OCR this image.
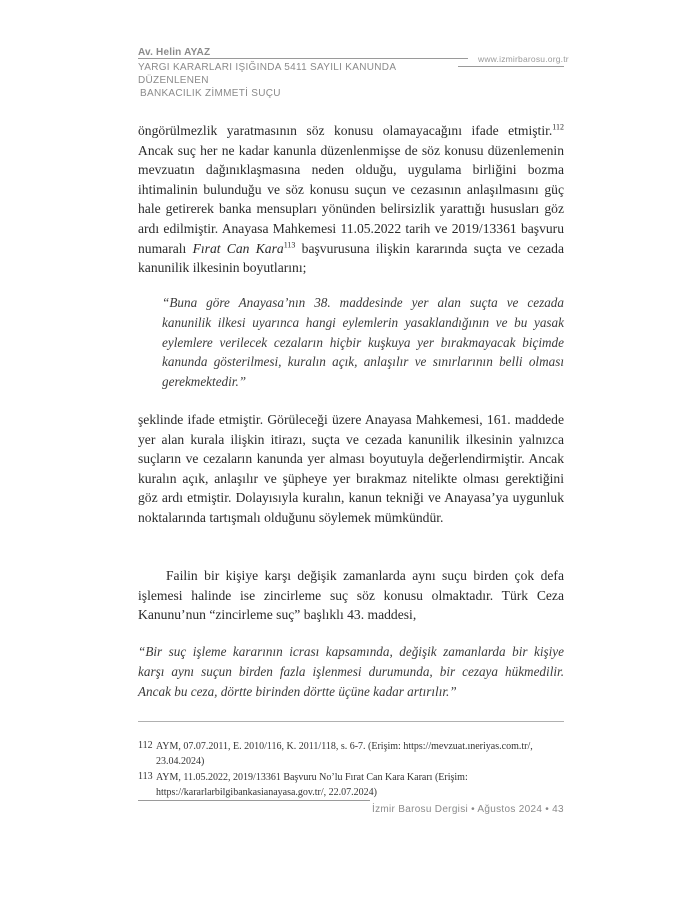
Av. Helin AYAZ
YARGI KARARLARI IŞIĞINDA 5411 SAYILI KANUNDA DÜZENLENEN
BANKACILIK ZİMMETİ SUÇU
www.izmirbarosu.org.tr

öngörülmezlik yaratmasının söz konusu olamayacağını ifade etmiştir.$^{112}$ Ancak suç her ne kadar kanunla düzenlenmişse de söz konusu düzenlemenin mevzuatın dağınıklaşmasına neden olduğu, uygulama birliğini bozma ihtimalinin bulunduğu ve söz konusu suçun ve cezasının anlaşılmasını güç hale getirerek banka mensupları yönünden belirsizlik yarattığı hususları göz ardı edilmiştir. Anayasa Mahkemesi 11.05.2022 tarih ve 2019/13361 başvuru numaralı Fırat Can Kara$^{113}$ başvurusuna ilişkin kararında suçta ve cezada kanunilik ilkesinin boyutlarını;

“Buna göre Anayasa’nın 38. maddesinde yer alan suçta ve cezada kanunilik ilkesi uyarınca hangi eylemlerin yasaklandığının ve bu yasak eylemlere verilecek cezaların hiçbir kuşkuya yer bırakmayacak biçimde kanunda gösterilmesi, kuralın açık, anlaşılır ve sınırlarının belli olması gerekmektedir.”

şeklinde ifade etmiştir. Görüleceği üzere Anayasa Mahkemesi, 161. maddede yer alan kurala ilişkin itirazı, suçta ve cezada kanunilik ilkesinin yalnızca suçların ve cezaların kanunda yer alması boyutuyla değerlendirmiştir. Ancak kuralın açık, anlaşılır ve şüpheye yer bırakmaz nitelikte olması gerektiğini göz ardı etmiştir. Dolayısıyla kuralın, kanun tekniği ve Anayasa’ya uygunluk noktalarında tartışmalı olduğunu söylemek mümkündür.

Failin bir kişiye karşı değişik zamanlarda aynı suçu birden çok defa işlemesi halinde ise zincirleme suç söz konusu olmaktadır. Türk Ceza Kanunu’nun “zincirleme suç” başlıklı 43. maddesi,

“Bir suç işleme kararının icrası kapsamında, değişik zamanlarda bir kişiye karşı aynı suçun birden fazla işlenmesi durumunda, bir cezaya hükmedilir. Ancak bu ceza, dörtte birinden dörtte üçüne kadar artırılır.”
112 AYM, 07.07.2011, E. 2010/116, K. 2011/118, s. 6-7. (Erişim: https://mevzuat.ıneriyas.com.tr/, 23.04.2024)
113 AYM, 11.05.2022, 2019/13361 Başvuru No’lu Fırat Can Kara Kararı (Erişim: https://kararlarbilgibankasianayasa.gov.tr/, 22.07.2024)
İzmir Barosu Dergisi • Ağustos 2024 • 43
